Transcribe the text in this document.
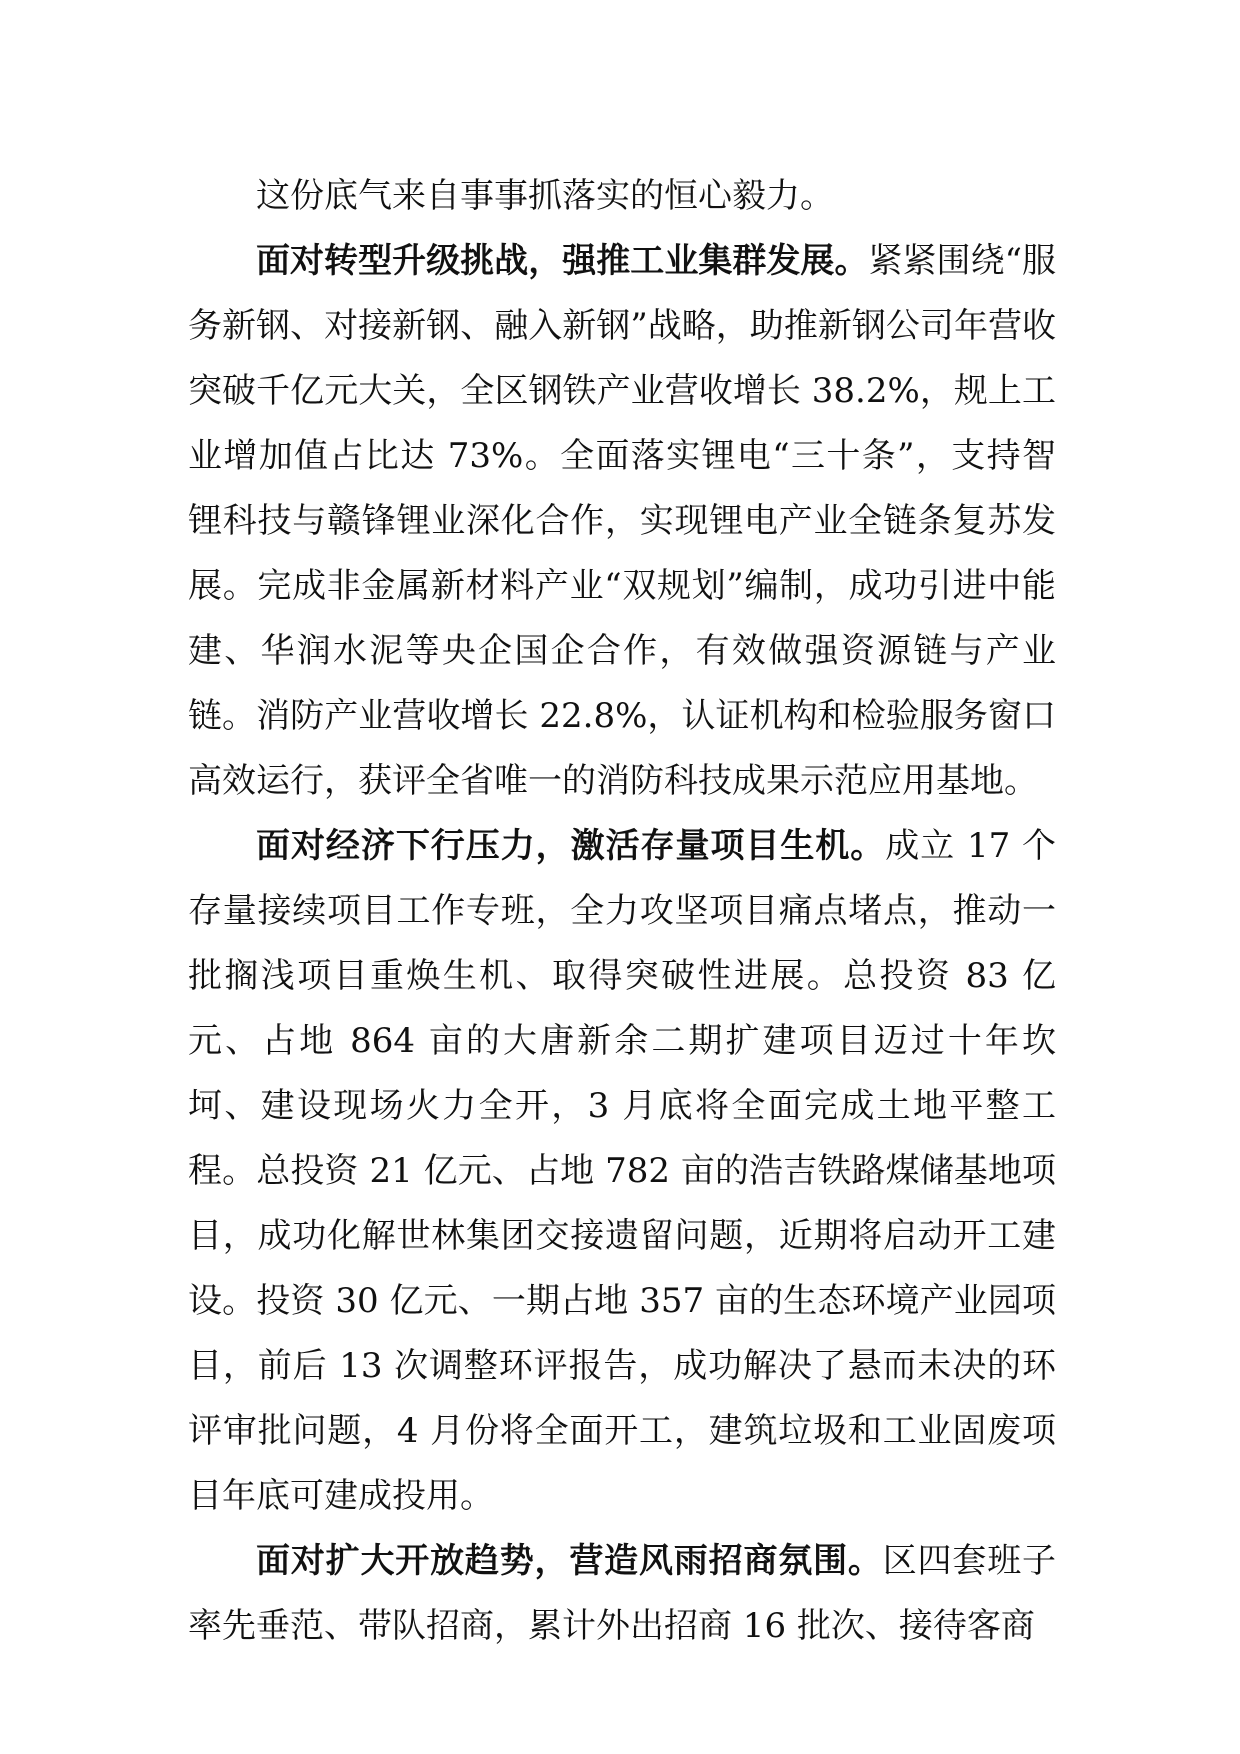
这份底气来自事事抓落实的恒心毅力。

面对转型升级挑战，强推工业集群发展。紧紧围绕“服务新钢、对接新钢、融入新钢”战略，助推新钢公司年营收突破千亿元大关，全区钢铁产业营收增长 38.2%，规上工业增加值占比达 73%。全面落实锂电“三十条”，支持智锂科技与赣锋锂业深化合作，实现锂电产业全链条复苏发展。完成非金属新材料产业“双规划”编制，成功引进中能建、华润水泥等央企国企合作，有效做强资源链与产业链。消防产业营收增长 22.8%，认证机构和检验服务窗口高效运行，获评全省唯一的消防科技成果示范应用基地。

面对经济下行压力，激活存量项目生机。成立 17 个存量接续项目工作专班，全力攻坚项目痛点堵点，推动一批搁浅项目重焕生机、取得突破性进展。总投资 83 亿元、占地 864 亩的大唐新余二期扩建项目迈过十年坎坷、建设现场火力全开，3 月底将全面完成土地平整工程。总投资 21 亿元、占地 782 亩的浩吉铁路煤储基地项目，成功化解世林集团交接遗留问题，近期将启动开工建设。投资 30 亿元、一期占地 357 亩的生态环境产业园项目，前后 13 次调整环评报告，成功解决了悬而未决的环评审批问题，4 月份将全面开工，建筑垃圾和工业固废项目年底可建成投用。

面对扩大开放趋势，营造风雨招商氛围。区四套班子率先垂范、带队招商，累计外出招商 16 批次、接待客商
